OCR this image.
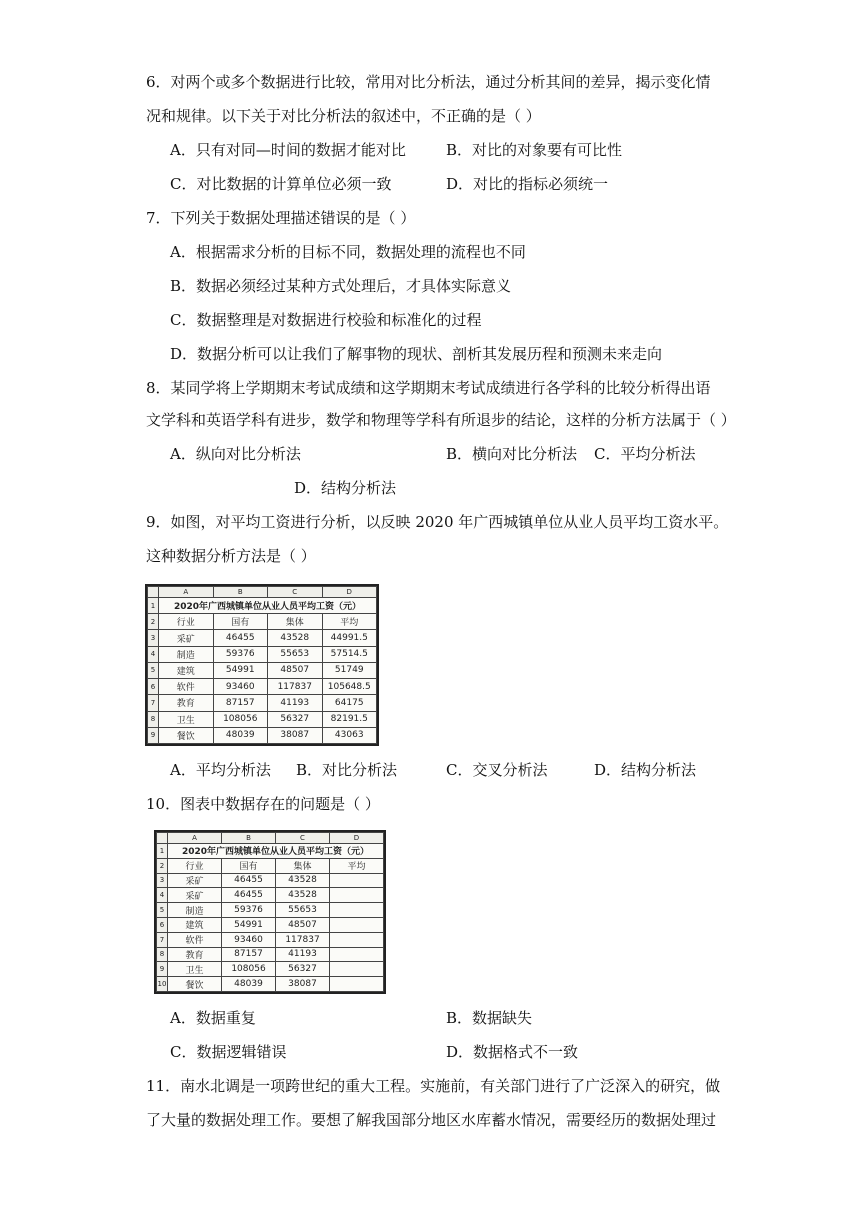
6．对两个或多个数据进行比较，常用对比分析法，通过分析其间的差异，揭示变化情
况和规律。以下关于对比分析法的叙述中，不正确的是（ ）
A．只有对同—时间的数据才能对比	B．对比的对象要有可比性
C．对比数据的计算单位必须一致	D．对比的指标必须统一
7．下列关于数据处理描述错误的是（ ）
A．根据需求分析的目标不同，数据处理的流程也不同
B．数据必须经过某种方式处理后，才具体实际意义
C．数据整理是对数据进行校验和标准化的过程
D．数据分析可以让我们了解事物的现状、剖析其发展历程和预测未来走向
8．某同学将上学期期末考试成绩和这学期期末考试成绩进行各学科的比较分析得出语
文学科和英语学科有进步，数学和物理等学科有所退步的结论，这样的分析方法属于（ ）
A．纵向对比分析法	B．横向对比分析法 C．平均分析法
D．结构分析法
9．如图，对平均工资进行分析，以反映 2020 年广西城镇单位从业人员平均工资水平。
这种数据分析方法是（ ）
	A	B	C	D
1	2020年广西城镇单位从业人员平均工资（元）			
2	行业	国有	集体	平均
3	采矿	46455	43528	44991.5
4	制造	59376	55653	57514.5
5	建筑	54991	48507	51749
6	软件	93460	117837	105648.5
7	教育	87157	41193	64175
8	卫生	108056	56327	82191.5
9	餐饮	48039	38087	43063
A．平均分析法 B．对比分析法	C．交叉分析法	D．结构分析法
10．图表中数据存在的问题是（ ）
	A	B	C	D
1	2020年广西城镇单位从业人员平均工资（元）			
2	行业	国有	集体	平均
3	采矿	46455	43528	
4	采矿	46455	43528	
5	制造	59376	55653	
6	建筑	54991	48507	
7	软件	93460	117837	
8	教育	87157	41193	
9	卫生	108056	56327	
10	餐饮	48039	38087	
A．数据重复	B．数据缺失
C．数据逻辑错误	D．数据格式不一致
11．南水北调是一项跨世纪的重大工程。实施前，有关部门进行了广泛深入的研究，做
了大量的数据处理工作。要想了解我国部分地区水库蓄水情况，需要经历的数据处理过
